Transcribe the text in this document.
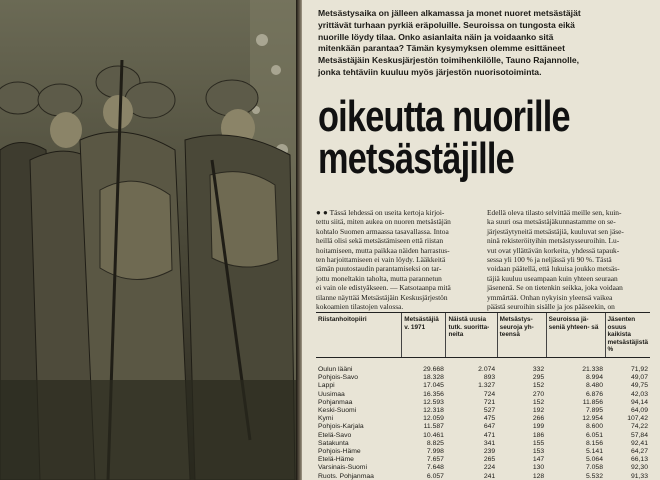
Metsästysaika on jälleen alkamassa ja monet nuoret metsästäjät
yrittävät turhaan pyrkiä eräpoluille. Seuroissa on tungosta eikä
nuorille löydy tilaa. Onko asianlaita näin ja voidaanko sitä
mitenkään parantaa? Tämän kysymyksen olemme esittäneet
Metsästäjäin Keskusjärjestön toimihenkilölle, Tauno Rajannolle,
jonka tehtäviin kuuluu myös järjestön nuorisotoiminta.
oikeutta nuorille
metsästäjille
● ● Tässä lehdessä on useita kertoja kirjoi-
tettu siitä, miten aukea on nuoren metsästäjän
kohtalo Suomen armaassa tasavallassa. Intoa
heillä olisi sekä metsästämiseen että riistan
hoitamiseen, mutta paikkaa näiden harrastus-
ten harjoittamiseen ei vain löydy. Lääkkeitä
tämän puutostaudin parantamiseksi on tar-
jottu moneltakin taholta, mutta parannetun
ei vain ole edistyäkseen. — Katsotaanpa mitä
tilanne näyttää Metsästäjäin Keskusjärjestön
kokoamien tilastojen valossa.
Edellä oleva tilasto selvittää meille sen, kuin-
ka suuri osa metsästäjäkunnastamme on se-
järjestäytyneitä metsästäjiä, kuuluvat sen jäse-
ninä rekisteröityihin metsästysseuroihin. Lu-
vut ovat yllättävän korkeita, yhdessä tapauk-
sessa yli 100 % ja neljässä yli 90 %. Tästä
voidaan päätellä, että lukuisa joukko metsäs-
täjiä kuuluu useampaan kuin yhteen seuraan
jäsenenä. Se on tietenkin seikka, joka voidaan
ymmärtää. Onhan nykyisin yleensä vaikea
päästä seuroihin sisälle ja jos pääseekin, on
Riistanhoitopiiri	Metsästäjiä v. 1971	Näistä uusia tutk. suoritta- neita	Metsästys- seuroja yh- teensä	Seuroissa jä- seniä yhteen- sä	Jäsenten osuus kaikista metsästäjistä %
Oulun lääni	29.668	2.074	332	21.338	71,92
Pohjois-Savo	18.328	893	295	8.994	49,07
Lappi	17.045	1.327	152	8.480	49,75
Uusimaa	16.356	724	270	6.876	42,03
Pohjanmaa	12.593	721	152	11.856	94,14
Keski-Suomi	12.318	527	192	7.895	64,09
Kymi	12.059	475	266	12.954	107,42
Pohjois-Karjala	11.587	647	199	8.600	74,22
Etelä-Savo	10.461	471	186	6.051	57,84
Satakunta	8.825	341	155	8.156	92,41
Pohjois-Häme	7.998	239	153	5.141	64,27
Etelä-Häme	7.657	265	147	5.064	66,13
Varsinais-Suomi	7.648	224	130	7.058	92,30
Ruots. Pohjanmaa	6.057	241	128	5.532	91,33
